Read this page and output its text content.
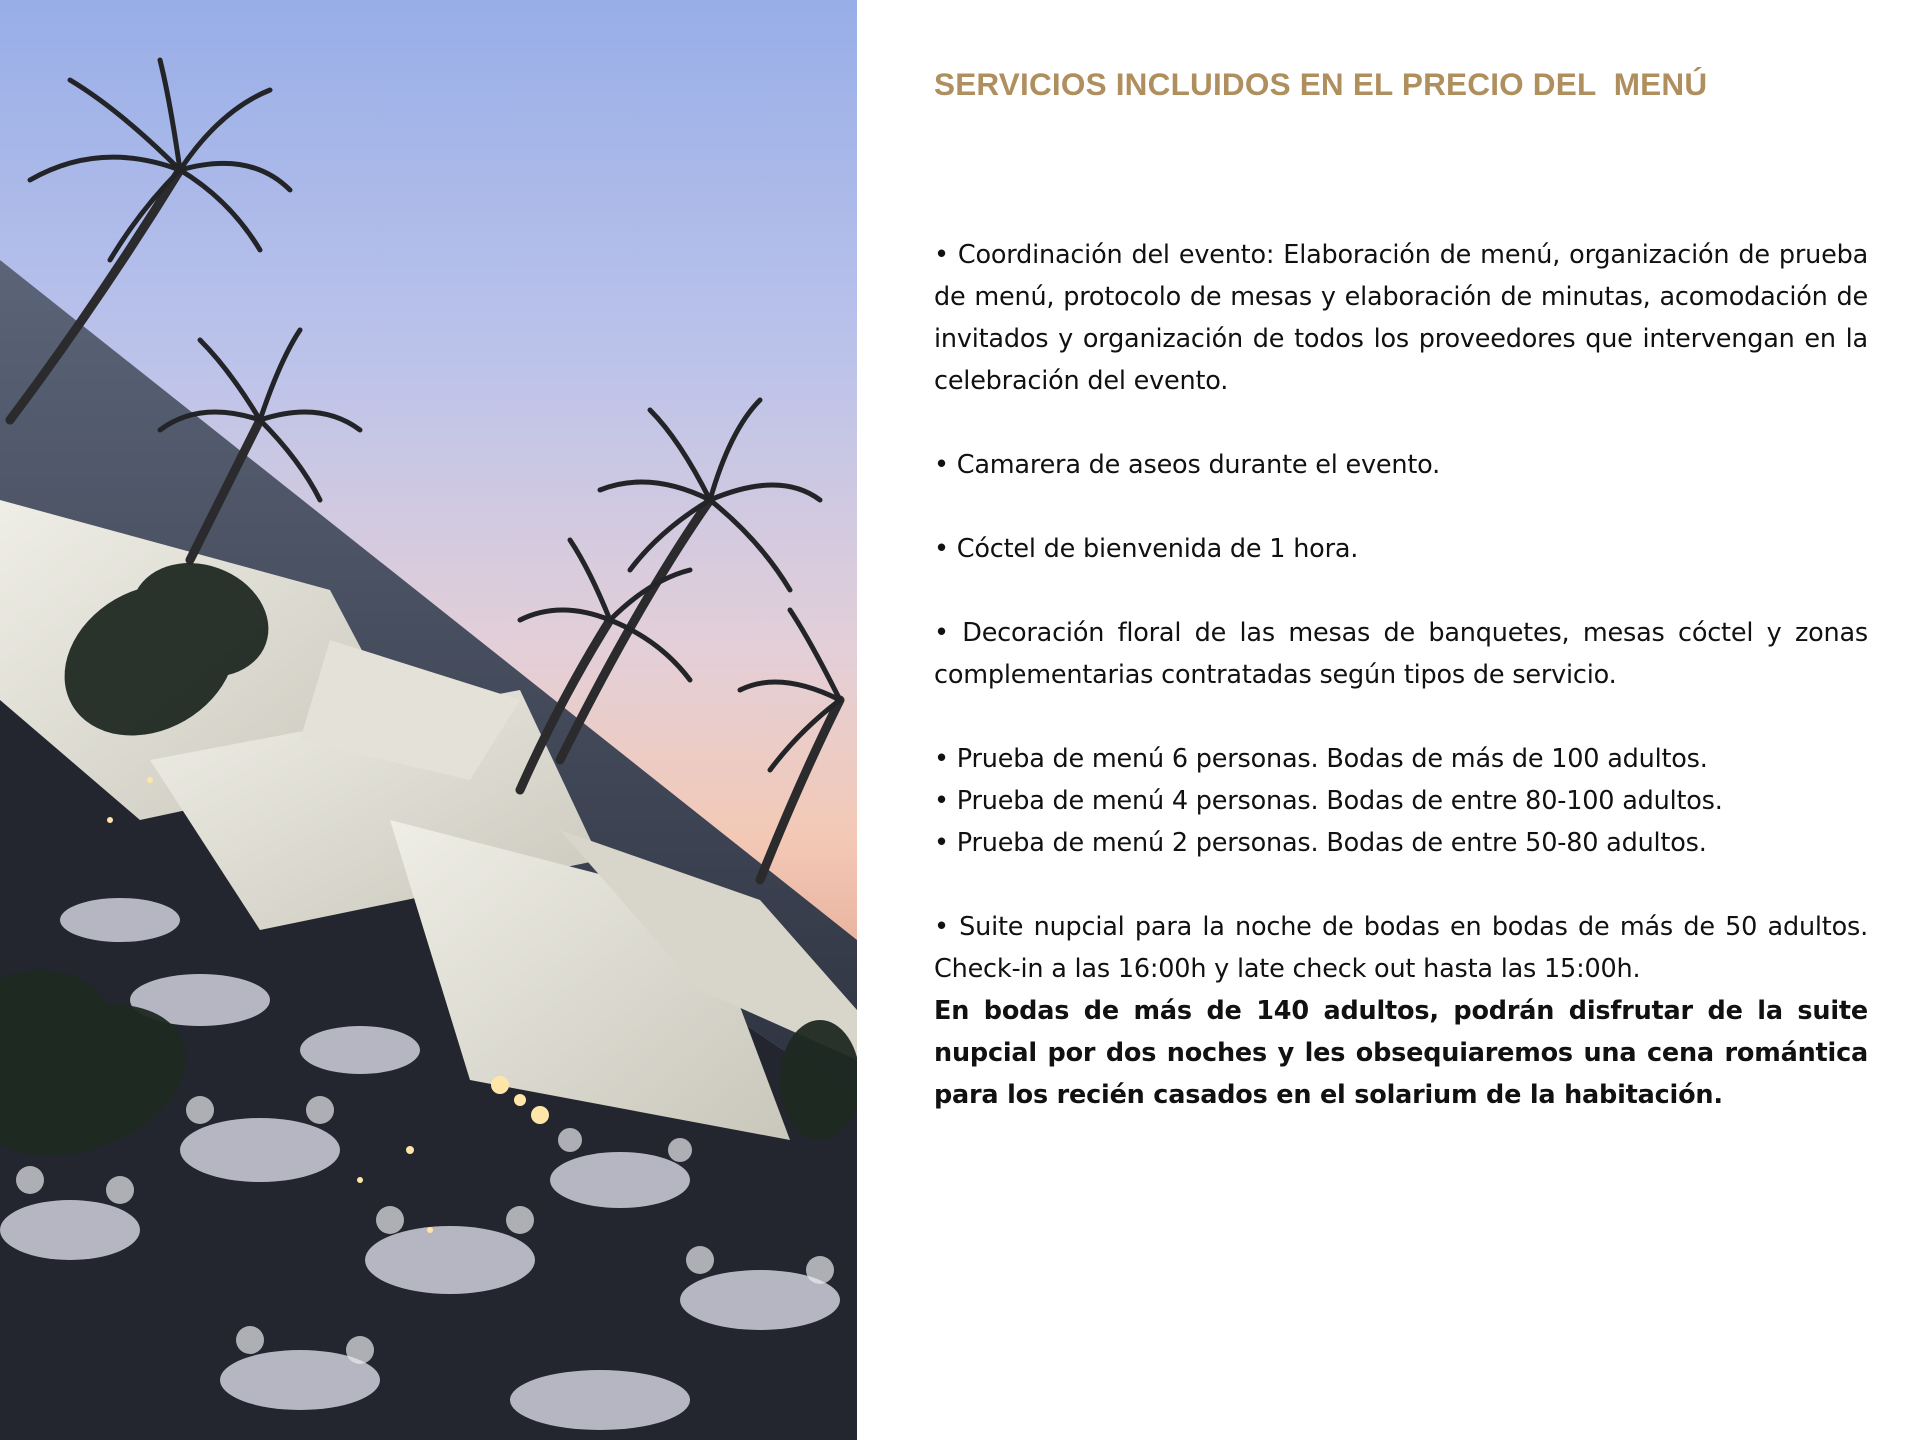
SERVICIOS INCLUIDOS EN EL PRECIO DEL  MENÚ

• Coordinación del evento: Elaboración de menú, organización de prueba de menú, protocolo de mesas y elaboración de minutas, acomodación de invitados y organización de todos los proveedores que intervengan en la celebración del evento.

• Camarera de aseos durante el evento.

• Cóctel de bienvenida de 1 hora.

• Decoración floral de las mesas de banquetes, mesas cóctel y zonas complementarias contratadas según tipos de servicio.

• Prueba de menú 6 personas. Bodas de más de 100 adultos.

• Prueba de menú 4 personas. Bodas de entre 80-100 adultos.

• Prueba de menú 2 personas. Bodas de entre 50-80 adultos.

• Suite nupcial para la noche de bodas en bodas de más de 50 adultos. Check-in a las 16:00h y late check out hasta las 15:00h.

En bodas de más de 140 adultos, podrán disfrutar de la suite nupcial por dos noches y les obsequiaremos una cena romántica para los recién casados en el solarium de la habitación.
